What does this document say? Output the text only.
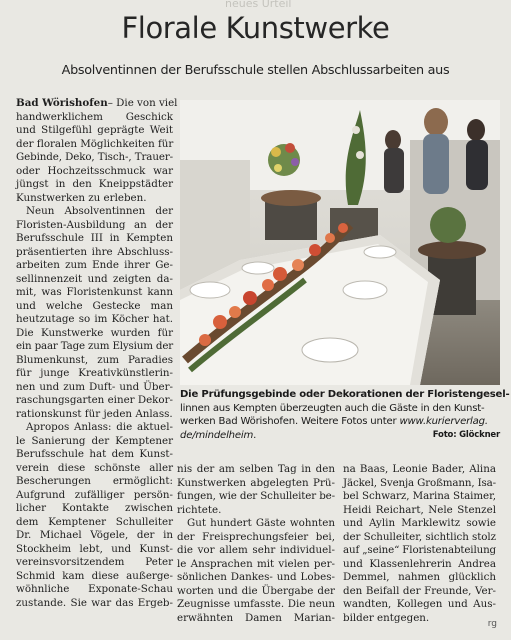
neues Urteil
Florale Kunstwerke
Absolventinnen der Berufsschule stellen Abschlussarbeiten aus
Bad Wörishofen – Die von viel
handwerklichem Geschick
und Stilgefühl geprägte Weit
der floralen Möglichkeiten für
Gebinde, Deko, Tisch-, Trauer-
oder Hochzeitsschmuck war
jüngst in den Kneippstädter
Kunstwerken zu erleben.
Neun Absolventinnen der
Floristen-Ausbildung an der
Berufsschule III in Kempten
präsentierten ihre Abschluss-
arbeiten zum Ende ihrer Ge-
sellinnenzeit und zeigten da-
mit, was Floristenkunst kann
und welche Gestecke man
heutzutage so im Köcher hat.
Die Kunstwerke wurden für
ein paar Tage zum Elysium der
Blumenkunst, zum Paradies
für junge Kreativkünstlerin-
nen und zum Duft- und Über-
raschungsgarten einer Dekor-
rationskunst für jeden Anlass.
Apropos Anlass: die aktuel-
le Sanierung der Kemptener
Berufsschule hat dem Kunst-
verein diese schönste aller
Bescherungen ermöglicht:
Aufgrund zufälliger persön-
licher Kontakte zwischen
dem Kemptener Schulleiter
Dr. Michael Vögele, der in
Stockheim lebt, und Kunst-
vereinsvorsitzendem Peter
Schmid kam diese außerge-
wöhnliche Exponate-Schau
zustande. Sie war das Ergeb-
Die Prüfungsgebinde oder Dekorationen der Floristengesel-
linnen aus Kempten überzeugten auch die Gäste in den Kunst-
werken Bad Wörishofen. Weitere Fotos unter www.kurierverlag.
de/mindelheim.	Foto: Glöckner
nis der am selben Tag in den
Kunstwerken abgelegten Prü-
fungen, wie der Schulleiter be-
richtete.
Gut hundert Gäste wohnten
der Freisprechungsfeier bei,
die vor allem sehr individuel-
le Ansprachen mit vielen per-
sönlichen Dankes- und Lobes-
worten und die Übergabe der
Zeugnisse umfasste. Die neun
erwähnten Damen Marian-
na Baas, Leonie Bader, Alina
Jäckel, Svenja Großmann, Isa-
bel Schwarz, Marina Staimer,
Heidi Reichart, Nele Stenzel
und Aylin Marklewitz sowie
der Schulleiter, sichtlich stolz
auf „seine“ Floristenabteilung
und Klassenlehrerin Andrea
Demmel, nahmen glücklich
den Beifall der Freunde, Ver-
wandten, Kollegen und Aus-
bilder entgegen.
rg
